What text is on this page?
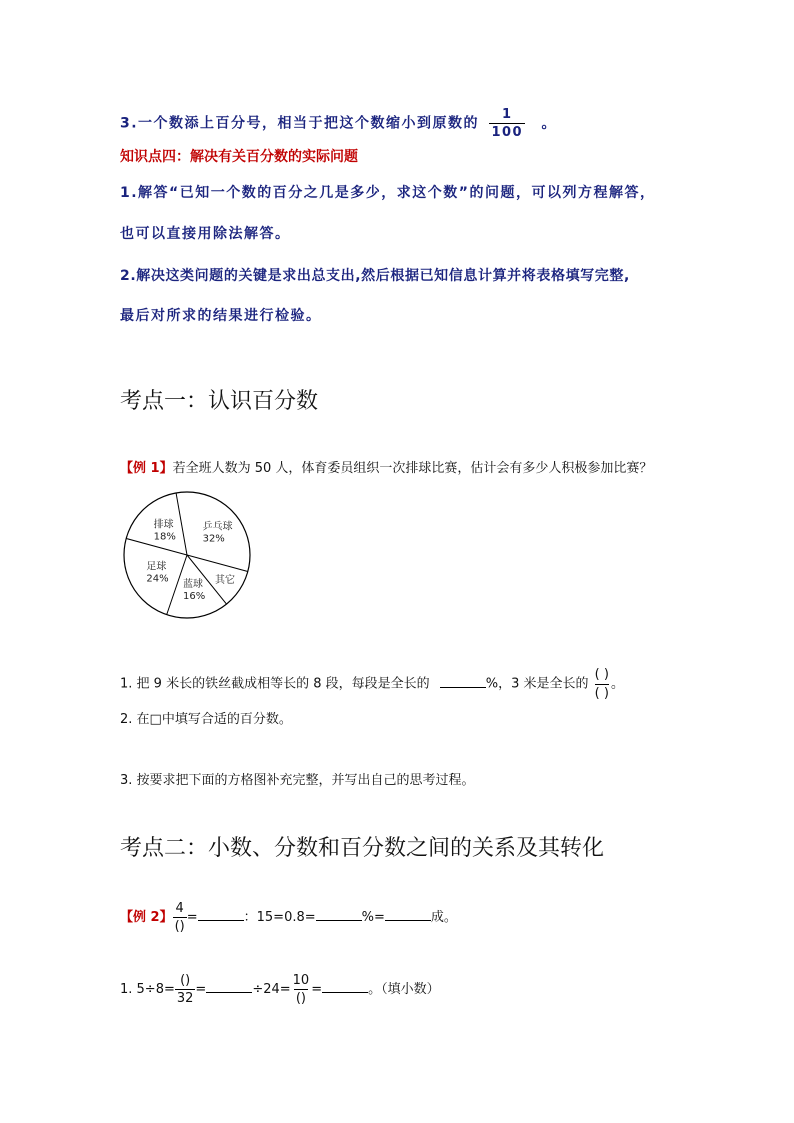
3.一个数添上百分号，相当于把这个数缩小到原数的 $\frac{1}{100}$ 。
知识点四：解决有关百分数的实际问题
1.解答“已知一个数的百分之几是多少，求这个数”的问题，可以列方程解答，
也可以直接用除法解答。
2.解决这类问题的关键是求出总支出,然后根据已知信息计算并将表格填写完整,
最后对所求的结果进行检验。
考点一：认识百分数
【例 1】若全班人数为 50 人，体育委员组织一次排球比赛，估计会有多少人积极参加比赛？
乒乓球
32%
其它
蓝球
16%
足球
24%
排球
18%
1. 把 9 米长的铁丝截成相等长的 8 段，每段是全长的	%，3 米是全长的 $\frac{( )}{( )}$ 。
2. 在□中填写合适的百分数。
3. 按要求把下面的方格图补充完整，并写出自己的思考过程。
考点二：小数、分数和百分数之间的关系及其转化
【例 2】 $\frac{4}{()}$ =	：15=0.8=	%=	成。
1. $5\div 8= \frac{()}{32}$ =	$\div 24= \frac{10}{()}$ =	。（填小数）
